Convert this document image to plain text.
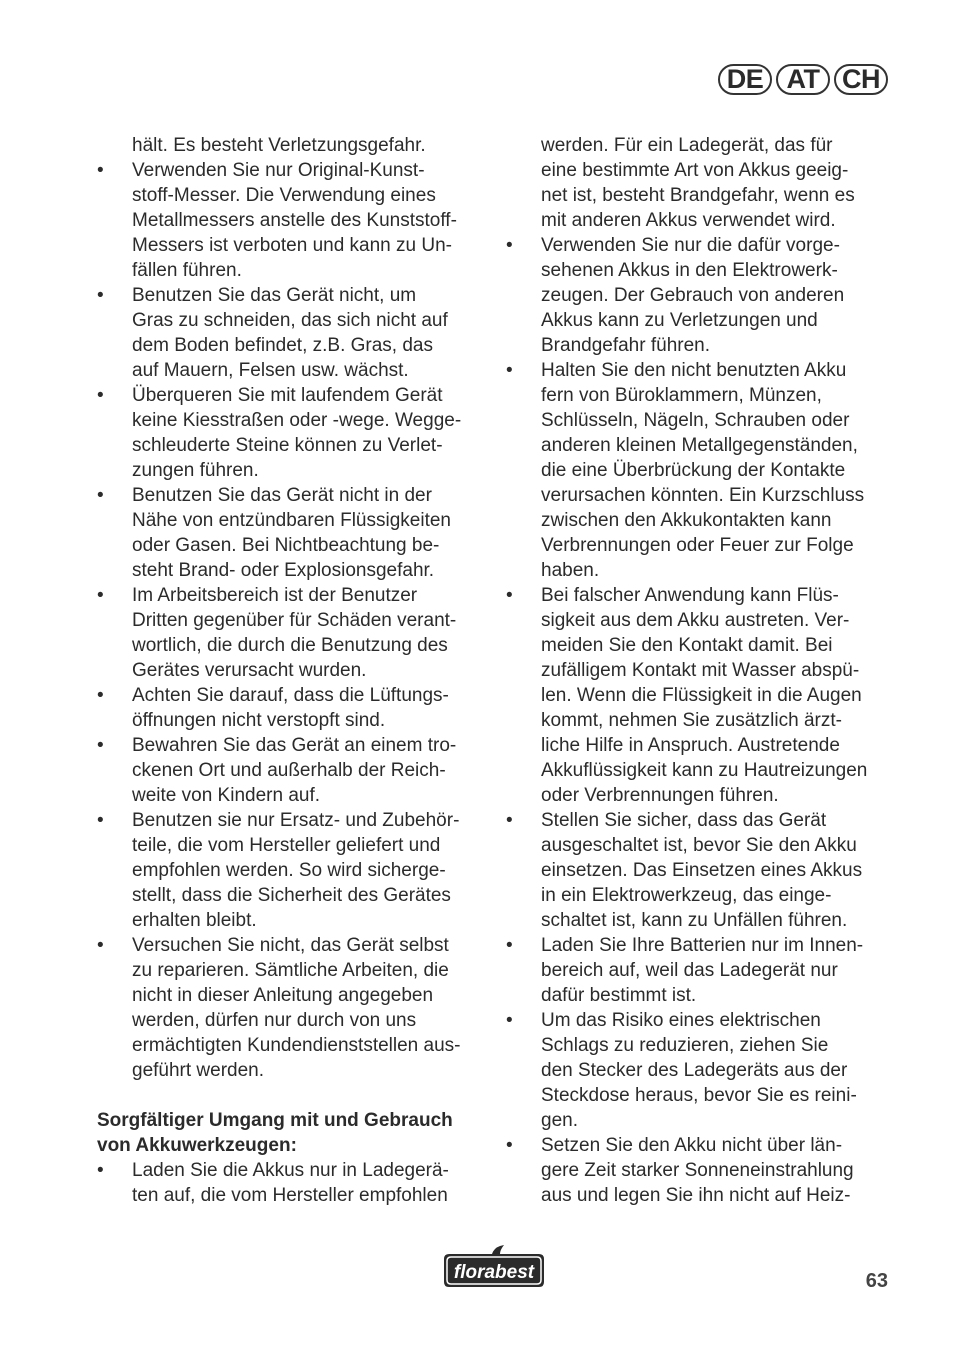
DE AT CH
hält. Es besteht Verletzungsgefahr.
• Verwenden Sie nur Original-Kunst-
stoff-Messer. Die Verwendung eines
Metallmessers anstelle des Kunststoff-
Messers ist verboten und kann zu Un-
fällen führen.
• Benutzen Sie das Gerät nicht, um
Gras zu schneiden, das sich nicht auf
dem Boden befindet, z.B. Gras, das
auf Mauern, Felsen usw. wächst.
• Überqueren Sie mit laufendem Gerät
keine Kiesstraßen oder -wege. Wegge-
schleuderte Steine können zu Verlet-
zungen führen.
• Benutzen Sie das Gerät nicht in der
Nähe von entzündbaren Flüssigkeiten
oder Gasen. Bei Nichtbeachtung be-
steht Brand- oder Explosionsgefahr.
• Im Arbeitsbereich ist der Benutzer
Dritten gegenüber für Schäden verant-
wortlich, die durch die Benutzung des
Gerätes verursacht wurden.
• Achten Sie darauf, dass die Lüftungs-
öffnungen nicht verstopft sind.
• Bewahren Sie das Gerät an einem tro-
ckenen Ort und außerhalb der Reich-
weite von Kindern auf.
• Benutzen sie nur Ersatz- und Zubehör-
teile, die vom Hersteller geliefert und
empfohlen werden. So wird sicherge-
stellt, dass die Sicherheit des Gerätes
erhalten bleibt.
• Versuchen Sie nicht, das Gerät selbst
zu reparieren. Sämtliche Arbeiten, die
nicht in dieser Anleitung angegeben
werden, dürfen nur durch von uns
ermächtigten Kundendienststellen aus-
geführt werden.
Sorgfältiger Umgang mit und Gebrauch
von Akkuwerkzeugen:
• Laden Sie die Akkus nur in Ladegerä-
ten auf, die vom Hersteller empfohlen
werden. Für ein Ladegerät, das für
eine bestimmte Art von Akkus geeig-
net ist, besteht Brandgefahr, wenn es
mit anderen Akkus verwendet wird.
• Verwenden Sie nur die dafür vorge-
sehenen Akkus in den Elektrowerk-
zeugen. Der Gebrauch von anderen
Akkus kann zu Verletzungen und
Brandgefahr führen.
• Halten Sie den nicht benutzten Akku
fern von Büroklammern, Münzen,
Schlüsseln, Nägeln, Schrauben oder
anderen kleinen Metallgegenständen,
die eine Überbrückung der Kontakte
verursachen könnten. Ein Kurzschluss
zwischen den Akkukontakten kann
Verbrennungen oder Feuer zur Folge
haben.
• Bei falscher Anwendung kann Flüs-
sigkeit aus dem Akku austreten. Ver-
meiden Sie den Kontakt damit. Bei
zufälligem Kontakt mit Wasser abspü-
len. Wenn die Flüssigkeit in die Augen
kommt, nehmen Sie zusätzlich ärzt-
liche Hilfe in Anspruch. Austretende
Akkuflüssigkeit kann zu Hautreizungen
oder Verbrennungen führen.
• Stellen Sie sicher, dass das Gerät
ausgeschaltet ist, bevor Sie den Akku
einsetzen. Das Einsetzen eines Akkus
in ein Elektrowerkzeug, das einge-
schaltet ist, kann zu Unfällen führen.
• Laden Sie Ihre Batterien nur im Innen-
bereich auf, weil das Ladegerät nur
dafür bestimmt ist.
• Um das Risiko eines elektrischen
Schlags zu reduzieren, ziehen Sie
den Stecker des Ladegeräts aus der
Steckdose heraus, bevor Sie es reini-
gen.
• Setzen Sie den Akku nicht über län-
gere Zeit starker Sonneneinstrahlung
aus und legen Sie ihn nicht auf Heiz-
florabest	63
